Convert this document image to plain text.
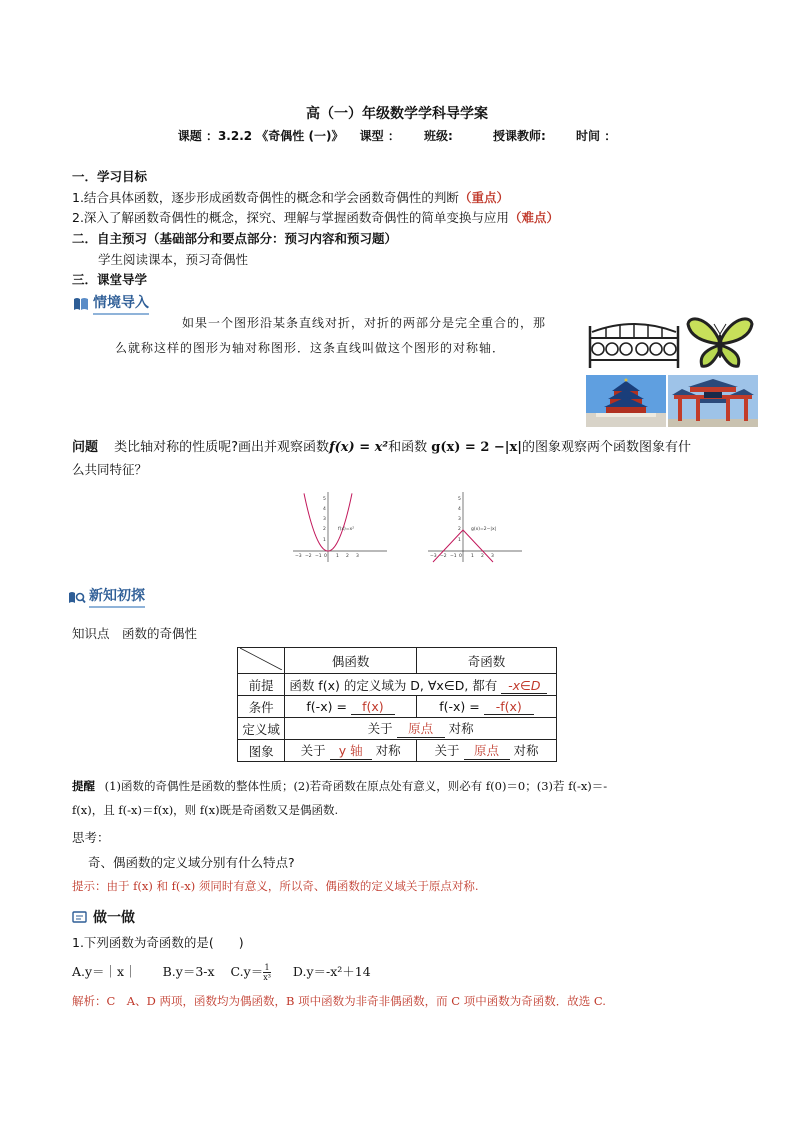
高（一）年级数学学科导学案
课题 ：3.2.2 《奇偶性 (一)》 课型 ： 班级:	授课教师:	时间 ：
一．学习目标
1.结合具体函数，逐步形成函数奇偶性的概念和学会函数奇偶性的判断（重点）
2.深入了解函数奇偶性的概念，探究、理解与掌握函数奇偶性的简单变换与应用（难点）
二．自主预习（基础部分和要点部分：预习内容和预习题）
学生阅读课本，预习奇偶性
三．课堂导学
情境导入
如果一个图形沿某条直线对折，对折的两部分是完全重合的，那
么就称这样的图形为轴对称图形．这条直线叫做这个图形的对称轴．
问题 类比轴对称的性质呢?画出并观察函数f(x) = x²和函数 g(x) = 2 −|x|的图象观察两个函数图象有什
么共同特征？
5
4
3
2
1
−3 −2 −1 0 1 2 3
f(x)=x²
5
4
3
2
1
−3 −2 −1 0 1 2 3
g(x)=2−|x|
新知初探
知识点　函数的奇偶性
	偶函数	奇函数
前提	函数 f(x) 的定义域为 D, ∀x∈D, 都有 -x∈D	
条件	f(-x) = f(x)	f(-x) = -f(x)
定义域	关于 原点 对称	
图象	关于 y 轴 对称	关于 原点 对称
提醒 (1)函数的奇偶性是函数的整体性质；(2)若奇函数在原点处有意义，则必有 f(0)＝0；(3)若 f(-x)＝-
f(x)，且 f(-x)＝f(x)，则 f(x)既是奇函数又是偶函数.
思考：
奇、偶函数的定义域分别有什么特点?
提示：由于 f(x) 和 f(-x) 须同时有意义，所以奇、偶函数的定义域关于原点对称.
做一做
1.下列函数为奇函数的是(　　)
A.y＝｜x｜ B.y＝3-x $C.y= \frac{1}{\text{x³}} D.y=-x^2+14$
解析：C　A、D 两项，函数均为偶函数，B 项中函数为非奇非偶函数，而 C 项中函数为奇函数．故选 C.
